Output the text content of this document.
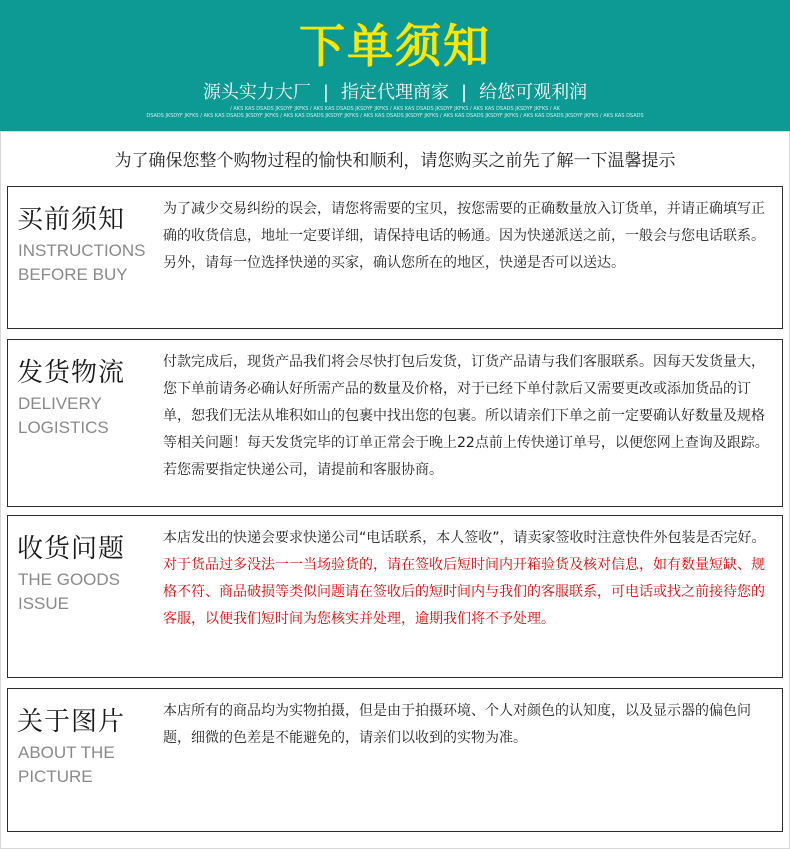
下单须知
源头实力大厂 | 指定代理商家 | 给您可观利润
/ AKS KAS DSADS JKSDYF JKFKS / AKS KAS DSADS JKSDYF JKFKS / AKS KAS DSADS JKSDYF JKFKS / AKS KAS DSADS JKSDYF JKFKS / AK
DSADS JKSDYF JKFKS / AKS KAS DSADS JKSDYF JKFKS / AKS KAS DSADS JKSDYF JKFKS / AKS KAS DSADS JKSDYF JKFKS / AKS KAS DSADS JKSDYF JKFKS / AKS KAS DSADS JKSDYF JKFKS / AKS KAS DSADS
为了确保您整个购物过程的愉快和顺利，请您购买之前先了解一下温馨提示
买前须知
INSTRUCTIONS
BEFORE BUY
为了减少交易纠纷的误会，请您将需要的宝贝，按您需要的正确数量放入订货单，并请正确填写正确的收货信息，地址一定要详细，请保持电话的畅通。因为快递派送之前，一般会与您电话联系。另外，请每一位选择快递的买家，确认您所在的地区，快递是否可以送达。
发货物流
DELIVERY
LOGISTICS
付款完成后，现货产品我们将会尽快打包后发货，订货产品请与我们客服联系。因每天发货量大，您下单前请务必确认好所需产品的数量及价格，对于已经下单付款后又需要更改或添加货品的订单，恕我们无法从堆积如山的包裹中找出您的包裹。所以请亲们下单之前一定要确认好数量及规格等相关问题！每天发货完毕的订单正常会于晚上22点前上传快递订单号，以便您网上查询及跟踪。若您需要指定快递公司，请提前和客服协商。
收货问题
THE GOODS
ISSUE
本店发出的快递会要求快递公司“电话联系，本人签收”，请卖家签收时注意快件外包装是否完好。对于货品过多没法一一当场验货的，请在签收后短时间内开箱验货及核对信息，如有数量短缺、规格不符、商品破损等类似问题请在签收后的短时间内与我们的客服联系，可电话或找之前接待您的客服，以便我们短时间为您核实并处理，逾期我们将不予处理。
关于图片
ABOUT THE
PICTURE
本店所有的商品均为实物拍摄，但是由于拍摄环境、个人对颜色的认知度，以及显示器的偏色问题，细微的色差是不能避免的，请亲们以收到的实物为准。
